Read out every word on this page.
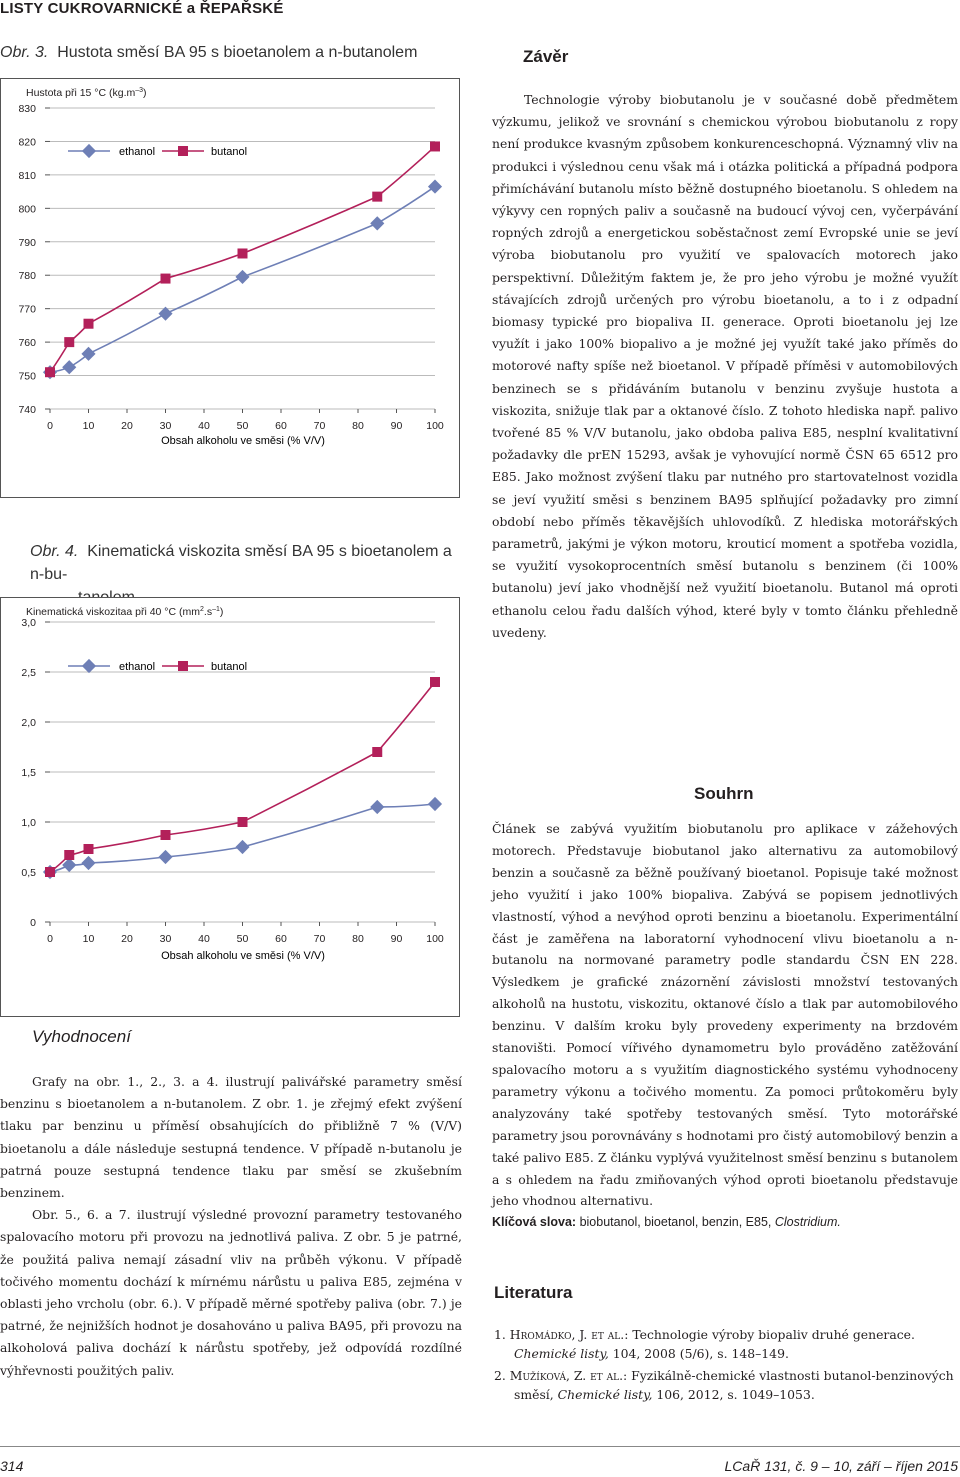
LISTY CUKROVARNICKÉ a ŘEPAŘSKÉ
Obr. 3. Hustota směsí BA 95 s bioetanolem a n-butanolem
Hustota při 15 °C $(kg.m^{-3})$
740
750
760
770
780
790
800
810
820
830
0	10	20	30	40	50	60	70	80	90 100
ethanol	butanol
Obsah alkoholu ve směsi (% V/V)
Obr. 4. Kinematická viskozita směsí BA 95 s bioetanolem a n-bu-

Kinematická viskozitaa při 40 °C $(mm^2.s^{-1})$
0
0,5
1,0
1,5
2,0
2,5
3,0
0	10	20	30	40	50	60	70	80	90 100
ethanol	butanol
Obsah alkoholu ve směsi (% V/V)
Vyhodnocení

Grafy na obr. 1., 2., 3. a 4. ilustrují palivářské parametry směsí benzinu s bioetanolem a n-butanolem. Z obr. 1. je zřejmý efekt zvýšení tlaku par benzinu u příměsí obsahujících do přibližně 7 % (V/V) bioetanolu a dále následuje sestupná tendence. V případě n-butanolu je patrná pouze sestupná tendence tlaku par směsí se zkušebním benzinem.

Obr. 5., 6. a 7. ilustrují výsledné provozní parametry testovaného spalovacího motoru při provozu na jednotlivá paliva. Z obr. 5 je patrné, že použitá paliva nemají zásadní vliv na průběh výkonu. V případě točivého momentu dochází k mírnému nárůstu u paliva E85, zejména v oblasti jeho vrcholu (obr. 6.). V případě měrné spotřeby paliva (obr. 7.) je patrné, že nejnižších hodnot je dosahováno u paliva BA95, při provozu na alkoholová paliva dochází k nárůstu spotřeby, jež odpovídá rozdílné výhřevnosti použitých paliv.

Závěr

Technologie výroby biobutanolu je v současné době předmětem výzkumu, jelikož ve srovnání s chemickou výrobou biobutanolu z ropy není produkce kvasným způsobem konkurenceschopná. Významný vliv na produkci i výslednou cenu však má i otázka politická a případná podpora přimíchávání butanolu místo běžně dostupného bioetanolu. S ohledem na výkyvy cen ropných paliv a současně na budoucí vývoj cen, vyčerpávání ropných zdrojů a energetickou soběstačnost zemí Evropské unie se jeví výroba biobutanolu pro využití ve spalovacích motorech jako perspektivní. Důležitým faktem je, že pro jeho výrobu je možné využít stávajících zdrojů určených pro výrobu bioetanolu, a to i z odpadní biomasy typické pro biopaliva II. generace. Oproti bioetanolu jej lze využít i jako 100% biopalivo a je možné jej využít také jako příměs do motorové nafty spíše než bioetanol. V případě příměsi v automobilových benzinech se s přidáváním butanolu v benzinu zvyšuje hustota a viskozita, snižuje tlak par a oktanové číslo. Z tohoto hlediska např. palivo tvořené 85 % V/V butanolu, jako obdoba paliva E85, nesplní kvalitativní požadavky dle prEN 15293, avšak je vyhovující normě ČSN 65 6512 pro E85. Jako možnost zvýšení tlaku par nutného pro startovatelnost vozidla se jeví využití směsi s benzinem BA95 splňující požadavky pro zimní období nebo příměs těkavějších uhlovodíků. Z hlediska motorářských parametrů, jakými je výkon motoru, krouticí moment a spotřeba vozidla, se využití vysokoprocentních směsí butanolu s benzinem (či 100% butanolu) jeví jako vhodnější než využití bioetanolu. Butanol má oproti ethanolu celou řadu dalších výhod, které byly v tomto článku přehledně uvedeny.

Souhrn

Článek se zabývá využitím biobutanolu pro aplikace v zážehových motorech. Představuje biobutanol jako alternativu za automobilový benzin a současně za běžně používaný bioetanol. Popisuje také možnost jeho využití i jako 100% biopaliva. Zabývá se popisem jednotlivých vlastností, výhod a nevýhod oproti benzinu a bioetanolu. Experimentální část je zaměřena na laboratorní vyhodnocení vlivu bioetanolu a n-butanolu na normované parametry podle standardu ČSN EN 228. Výsledkem je grafické znázornění závislosti množství testovaných alkoholů na hustotu, viskozitu, oktanové číslo a tlak par automobilového benzinu. V dalším kroku byly provedeny experimenty na brzdovém stanovišti. Pomocí vířivého dynamometru bylo prováděno zatěžování spalovacího motoru a s využitím diagnostického systému vyhodnoceny parametry výkonu a točivého momentu. Za pomoci průtokoměru byly analyzovány také spotřeby testovaných směsí. Tyto motorářské parametry jsou porovnávány s hodnotami pro čistý automobilový benzin a také palivo E85. Z článku vyplývá využitelnost směsí benzinu s butanolem a s ohledem na řadu zmiňovaných výhod oproti bioetanolu představuje jeho vhodnou alternativu.

Klíčová slova: biobutanol, bioetanol, benzin, E85, Clostridium.
Literatura
1. Hromádko, J. et al.: Technologie výroby biopaliv druhé generace. Chemické listy, 104, 2008 (5/6), s. 148–149.
2. Mužíková, Z. et al.: Fyzikálně-chemické vlastnosti butanol-benzinových směsí, Chemické listy, 106, 2012, s. 1049–1053.
314	LCaŘ 131, č. 9 – 10, září – říjen 2015
